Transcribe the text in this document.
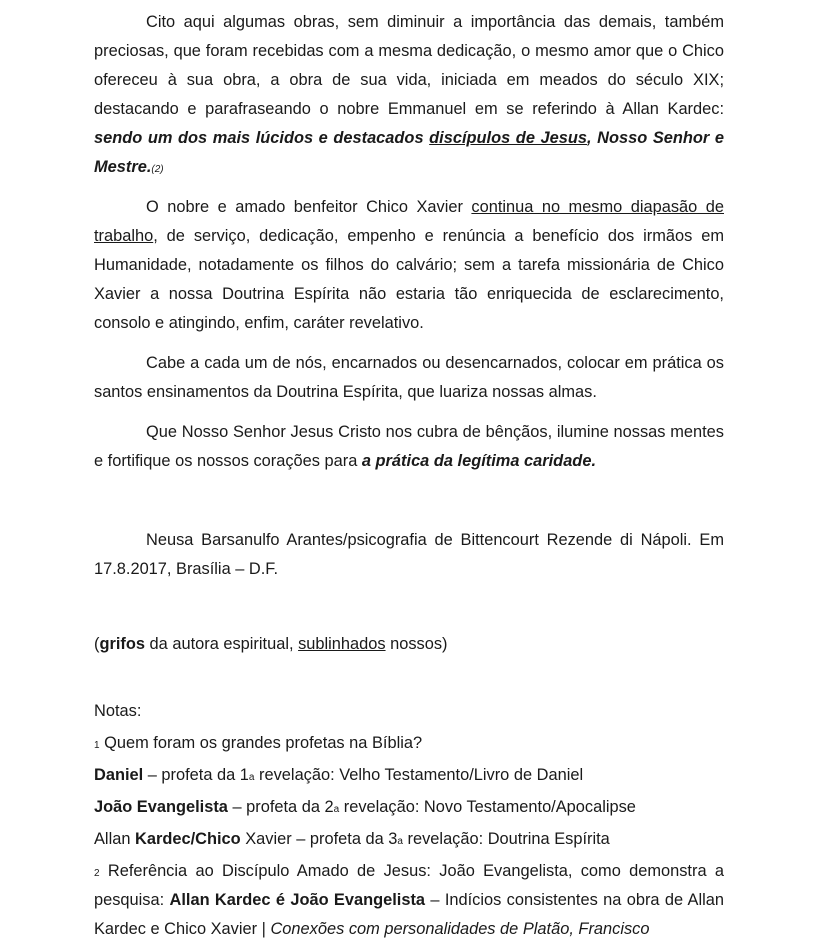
Cito aqui algumas obras, sem diminuir a importância das demais, também preciosas, que foram recebidas com a mesma dedicação, o mesmo amor que o Chico ofereceu à sua obra, a obra de sua vida, iniciada em meados do século XIX; destacando e parafraseando o nobre Emmanuel em se referindo à Allan Kardec: sendo um dos mais lúcidos e destacados discípulos de Jesus, Nosso Senhor e Mestre.$^{(2)}$

O nobre e amado benfeitor Chico Xavier continua no mesmo diapasão de trabalho, de serviço, dedicação, empenho e renúncia a benefício dos irmãos em Humanidade, notadamente os filhos do calvário; sem a tarefa missionária de Chico Xavier a nossa Doutrina Espírita não estaria tão enriquecida de esclarecimento, consolo e atingindo, enfim, caráter revelativo.

Cabe a cada um de nós, encarnados ou desencarnados, colocar em prática os santos ensinamentos da Doutrina Espírita, que luariza nossas almas.

Que Nosso Senhor Jesus Cristo nos cubra de bênçãos, ilumine nossas mentes e fortifique os nossos corações para a prática da legítima caridade.

Neusa Barsanulfo Arantes/psicografia de Bittencourt Rezende di Nápoli. Em 17.8.2017, Brasília – D.F.

(grifos da autora espiritual, sublinhados nossos)

Notas:
$^1$ Quem foram os grandes profetas na Bíblia?
Daniel – profeta da 1$^a$ revelação: Velho Testamento/Livro de Daniel
João Evangelista – profeta da 2$^a$ revelação: Novo Testamento/Apocalipse
Allan Kardec/Chico Xavier – profeta da 3$^a$ revelação: Doutrina Espírita

$^2$ Referência ao Discípulo Amado de Jesus: João Evangelista, como demonstra a pesquisa: Allan Kardec é João Evangelista – Indícios consistentes na obra de Allan Kardec e Chico Xavier | Conexões com personalidades de Platão, Francisco
